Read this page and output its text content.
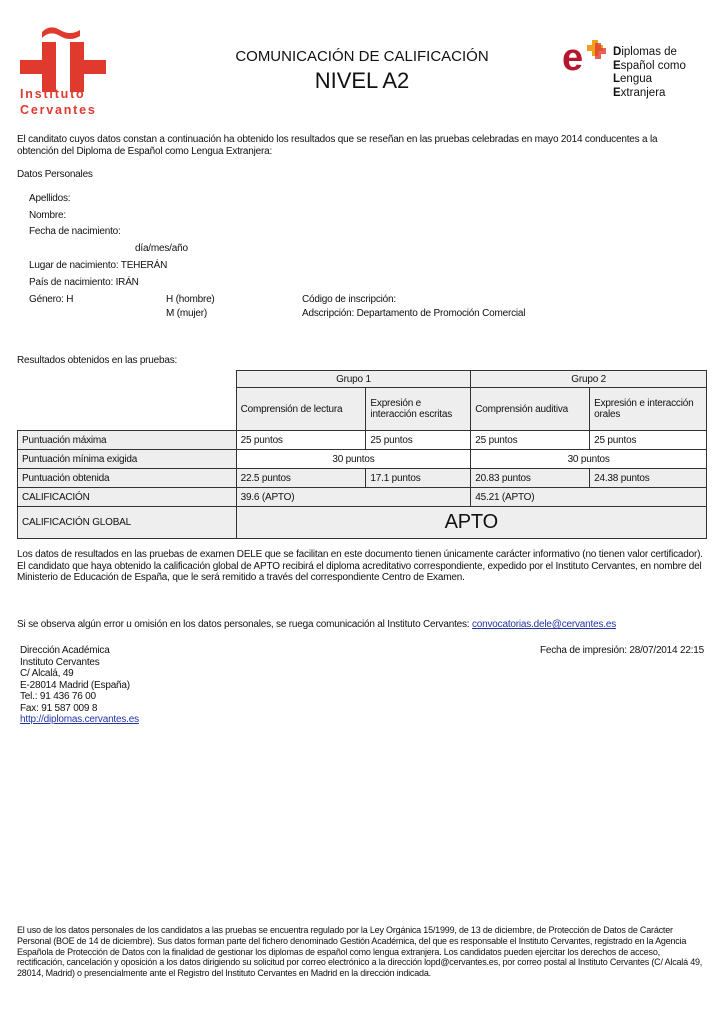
Instituto
Cervantes
COMUNICACIÓN DE CALIFICACIÓN
NIVEL A2
e	Diplomas de
Español como
Lengua
Extranjera
El canditato cuyos datos constan a continuación ha obtenido los resultados que se reseñan en las pruebas celebradas en mayo 2014 conducentes a la obtención del Diploma de Español como Lengua Extranjera:
Datos Personales
Apellidos:
Nombre:
Fecha de nacimiento:
día/mes/año
Lugar de nacimiento: TEHERÁN
País de nacimiento: IRÁN
Género: H	H (hombre)
M (mujer)
Código de inscripción:
Adscripción: Departamento de Promoción Comercial
Resultados obtenidos en las pruebas:
	Grupo 1		Grupo 2	
	Comprensión de lectura	Expresión e interacción escritas	Comprensión auditiva	Expresión e interacción orales
Puntuación máxima	25 puntos	25 puntos	25 puntos	25 puntos
Puntuación mínima exigida	30 puntos		30 puntos	
Puntuación obtenida	22.5 puntos	17.1 puntos	20.83 puntos	24.38 puntos
CALIFICACIÓN	39.6 (APTO)		45.21 (APTO)	
CALIFICACIÓN GLOBAL	APTO			
Los datos de resultados en las pruebas de examen DELE que se facilitan en este documento tienen únicamente carácter informativo (no tienen valor certificador). El candidato que haya obtenido la calificación global de APTO recibirá el diploma acreditativo correspondiente, expedido por el Instituto Cervantes, en nombre del Ministerio de Educación de España, que le será remitido a través del correspondiente Centro de Examen.
Si se observa algún error u omisión en los datos personales, se ruega comunicación al Instituto Cervantes: convocatorias.dele@cervantes.es
Dirección Académica
Instituto Cervantes
C/ Alcalá, 49
E-28014 Madrid (España)
Tel.: 91 436 76 00
Fax: 91 587 009 8
http://diplomas.cervantes.es
Fecha de impresión: 28/07/2014 22:15
El uso de los datos personales de los candidatos a las pruebas se encuentra regulado por la Ley Orgánica 15/1999, de 13 de diciembre, de Protección de Datos de Carácter Personal (BOE de 14 de diciembre). Sus datos forman parte del fichero denominado Gestión Académica, del que es responsable el Instituto Cervantes, registrado en la Agencia Española de Protección de Datos con la finalidad de gestionar los diplomas de español como lengua extranjera. Los candidatos pueden ejercitar los derechos de acceso, rectificación, cancelación y oposición a los datos dirigiendo su solicitud por correo electrónico a la dirección lopd@cervantes.es, por correo postal al Instituto Cervantes (C/ Alcalá 49, 28014, Madrid) o presencialmente ante el Registro del Instituto Cervantes en Madrid en la dirección indicada.
